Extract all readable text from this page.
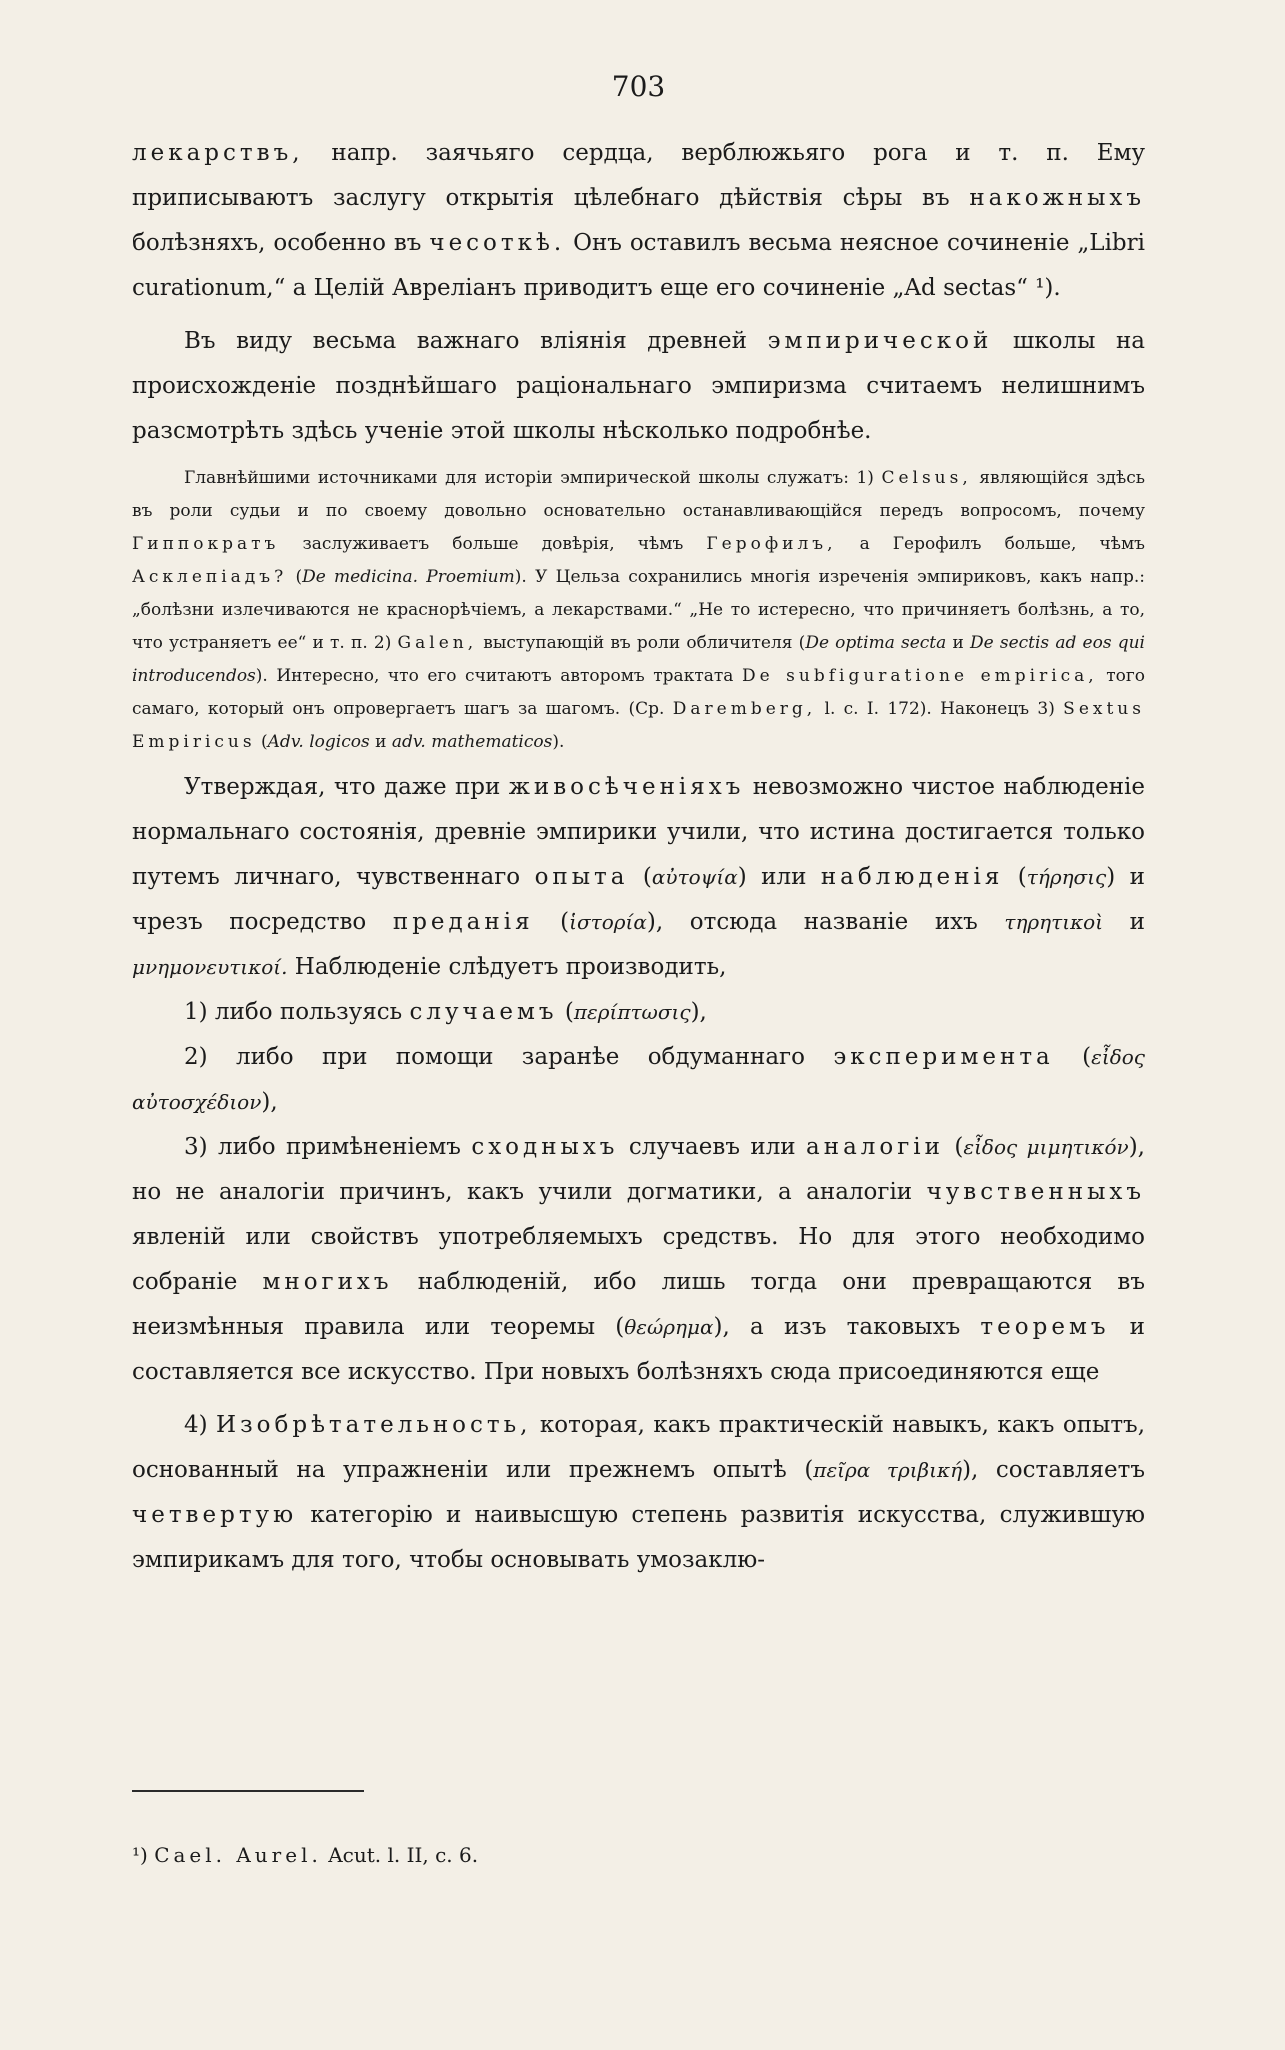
703

лекарствъ, напр. заячьяго сердца, верблюжьяго рога и т. п. Ему приписываютъ заслугу открытія цѣлебнаго дѣйствія сѣры въ накожныхъ болѣзняхъ, особенно въ чесоткѣ. Онъ оставилъ весьма неясное сочиненіе „Libri curationum,“ а Целій Авреліанъ приводитъ еще его сочиненіе „Ad sectas“ ¹).

Въ виду весьма важнаго вліянія древней эмпирической школы на происхожденіе позднѣйшаго раціональнаго эмпиризма считаемъ нелишнимъ разсмотрѣть здѣсь ученіе этой школы нѣсколько подробнѣе.

Главнѣйшими источниками для исторіи эмпирической школы служатъ: 1) Celsus, являющійся здѣсь въ роли судьи и по своему довольно основательно останавливающійся передъ вопросомъ, почему Гиппократъ заслуживаетъ больше довѣрія, чѣмъ Герофилъ, а Герофилъ больше, чѣмъ Асклепіадъ? (De medicina. Proemium). У Цельза сохранились многія изреченія эмпириковъ, какъ напр.: „болѣзни излечиваются не краснорѣчіемъ, а лекарствами.“ „Не то истересно, что причиняетъ болѣзнь, а то, что устраняетъ ее“ и т. п. 2) Galen, выступающій въ роли обличителя (De optima secta и De sectis ad eos qui introducendos). Интересно, что его считаютъ авторомъ трактата De subfiguratione empirica, того самаго, который онъ опровергаетъ шагъ за шагомъ. (Ср. Daremberg, l. c. I. 172). Наконецъ 3) Sextus Empiricus (Adv. logicos и adv. mathematicos).

Утверждая, что даже при живосѣченіяхъ невозможно чистое наблюденіе нормальнаго состоянія, древніе эмпирики учили, что истина достигается только путемъ личнаго, чувственнаго опыта (αὐτοψία) или наблюденія (τήρησις) и чрезъ посредство преданія (ἱστορία), отсюда названіе ихъ τηρητικοὶ и μνημονευτικοί. Наблюденіе слѣдуетъ производить,

1) либо пользуясь случаемъ (περίπτωσις),

2) либо при помощи заранѣе обдуманнаго эксперимента (εἶδος αὐτοσχέδιον),

3) либо примѣненіемъ сходныхъ случаевъ или аналогіи (εἶδος μιμητικόν), но не аналогіи причинъ, какъ учили догматики, а аналогіи чувственныхъ явленій или свойствъ употребляемыхъ средствъ. Но для этого необходимо собраніе многихъ наблюденій, ибо лишь тогда они превращаются въ неизмѣнныя правила или теоремы (θεώρημα), а изъ таковыхъ теоремъ и составляется все искусство. При новыхъ болѣзняхъ сюда присоединяются еще

4) Изобрѣтательность, которая, какъ практическій навыкъ, какъ опытъ, основанный на упражненіи или прежнемъ опытѣ (πεῖρα τριβική), составляетъ четвертую категорію и наивысшую степень развитія искусства, служившую эмпирикамъ для того, чтобы основывать умозаклю-

¹) Cael. Aurel. Acut. l. II, c. 6.
